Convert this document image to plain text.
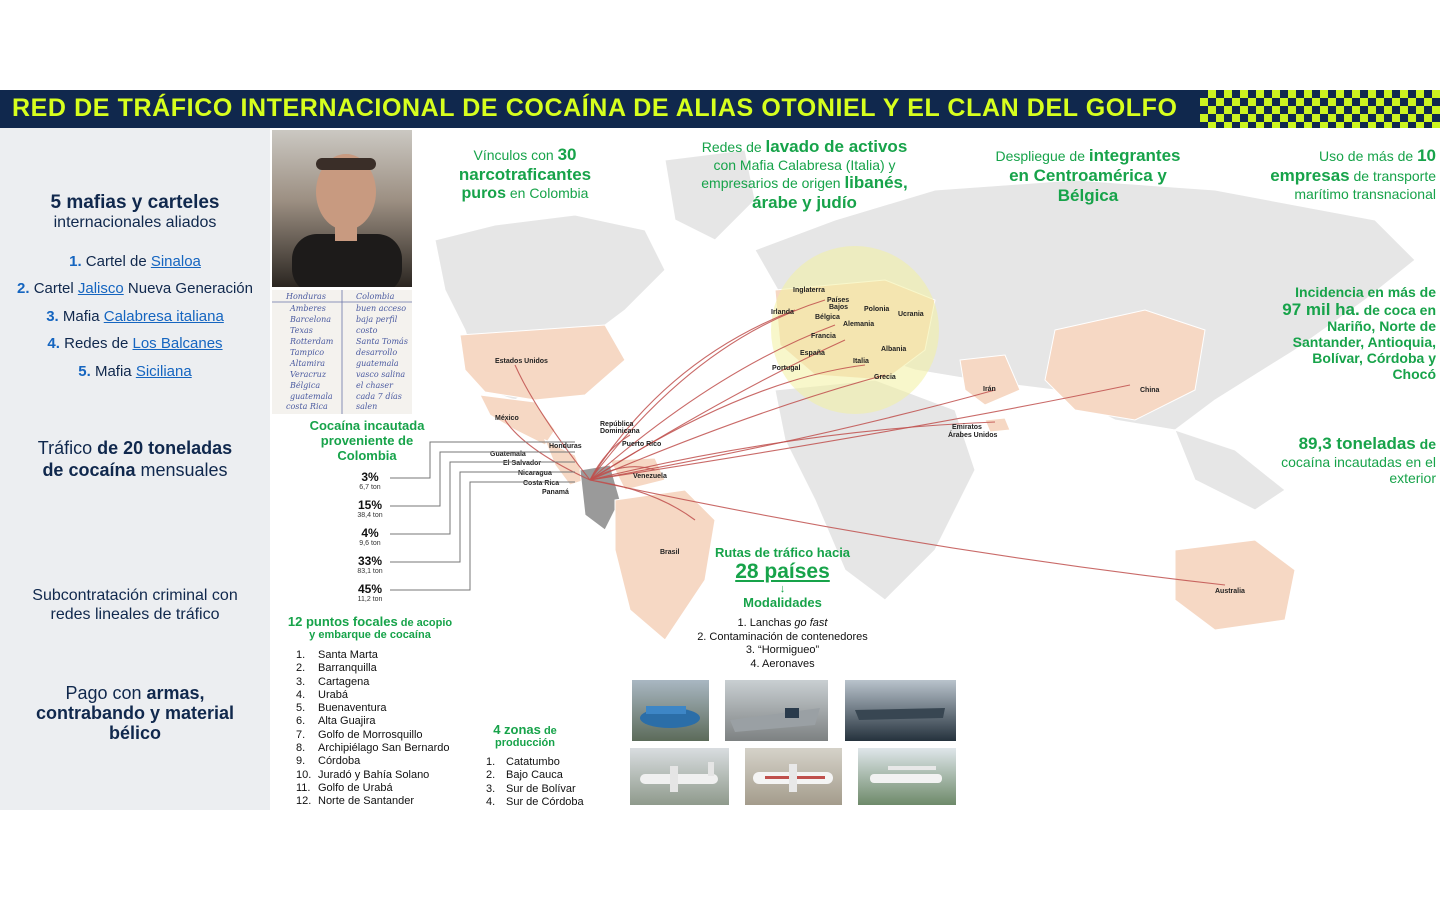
RED DE TRÁFICO INTERNACIONAL DE COCAÍNA DE ALIAS OTONIEL Y EL CLAN DEL GOLFO
5 mafias y carteles
internacionales aliados
1. Cartel de Sinaloa
2. Cartel Jalisco Nueva Generación
3. Mafia Calabresa italiana
4. Redes de Los Balcanes
5. Mafia Siciliana
Tráfico de 20 toneladas
de cocaína mensuales
Subcontratación criminal con
redes lineales de tráfico
Pago con armas,
contrabando y material
bélico
Honduras	Colombia
Amberes
Barcelona
Texas
Rotterdam
Tampico
Altamira
Veracruz
Bélgica
guatemala
costa Rica
buen acceso
baja perfil
costo
Santa Tomás
desarrollo
guatemala
vasco salina
el chaser
cada 7 días
salen
Estados Unidos
México
Guatemala
El Salvador
Honduras
Nicaragua
Costa Rica
Panamá
República
Dominicana
Puerto Rico
Venezuela
Brasil
Inglaterra
Países
Bajos
Bélgica
Irlanda
Francia
Alemania
Polonia
Ucrania
España
Portugal
Italia
Albania
Grecia
Irán
Emiratos
Árabes Unidos
China
Australia
Vínculos con 30
narcotraficantes
puros en Colombia
Redes de lavado de activos
con Mafia Calabresa (Italia) y
empresarios de origen libanés,
árabe y judío
Despliegue de integrantes
en Centroamérica y
Bélgica
Uso de más de 10
empresas de transporte
marítimo transnacional
Incidencia en más de
97 mil ha. de coca en
Nariño, Norte de
Santander, Antioquia,
Bolívar, Córdoba y
Chocó
89,3 toneladas de
cocaína incautadas en el
exterior
Cocaína incautada
proveniente de
Colombia
3%
6,7 ton
15%
38,4 ton
4%
9,6 ton
33%
83,1 ton
45%
11,2 ton
12 puntos focales de acopio
y embarque de cocaína
1. Santa Marta
2. Barranquilla
3. Cartagena
4. Urabá
5. Buenaventura
6. Alta Guajira
7. Golfo de Morrosquillo
8. Archipiélago San Bernardo
9. Córdoba
10. Juradó y Bahía Solano
11. Golfo de Urabá
12. Norte de Santander
4 zonas de
producción
1. Catatumbo
2. Bajo Cauca
3. Sur de Bolívar
4. Sur de Córdoba
Rutas de tráfico hacia
28 países
↓
Modalidades
1. Lanchas go fast
2. Contaminación de contenedores
3. “Hormigueo”
4. Aeronaves
